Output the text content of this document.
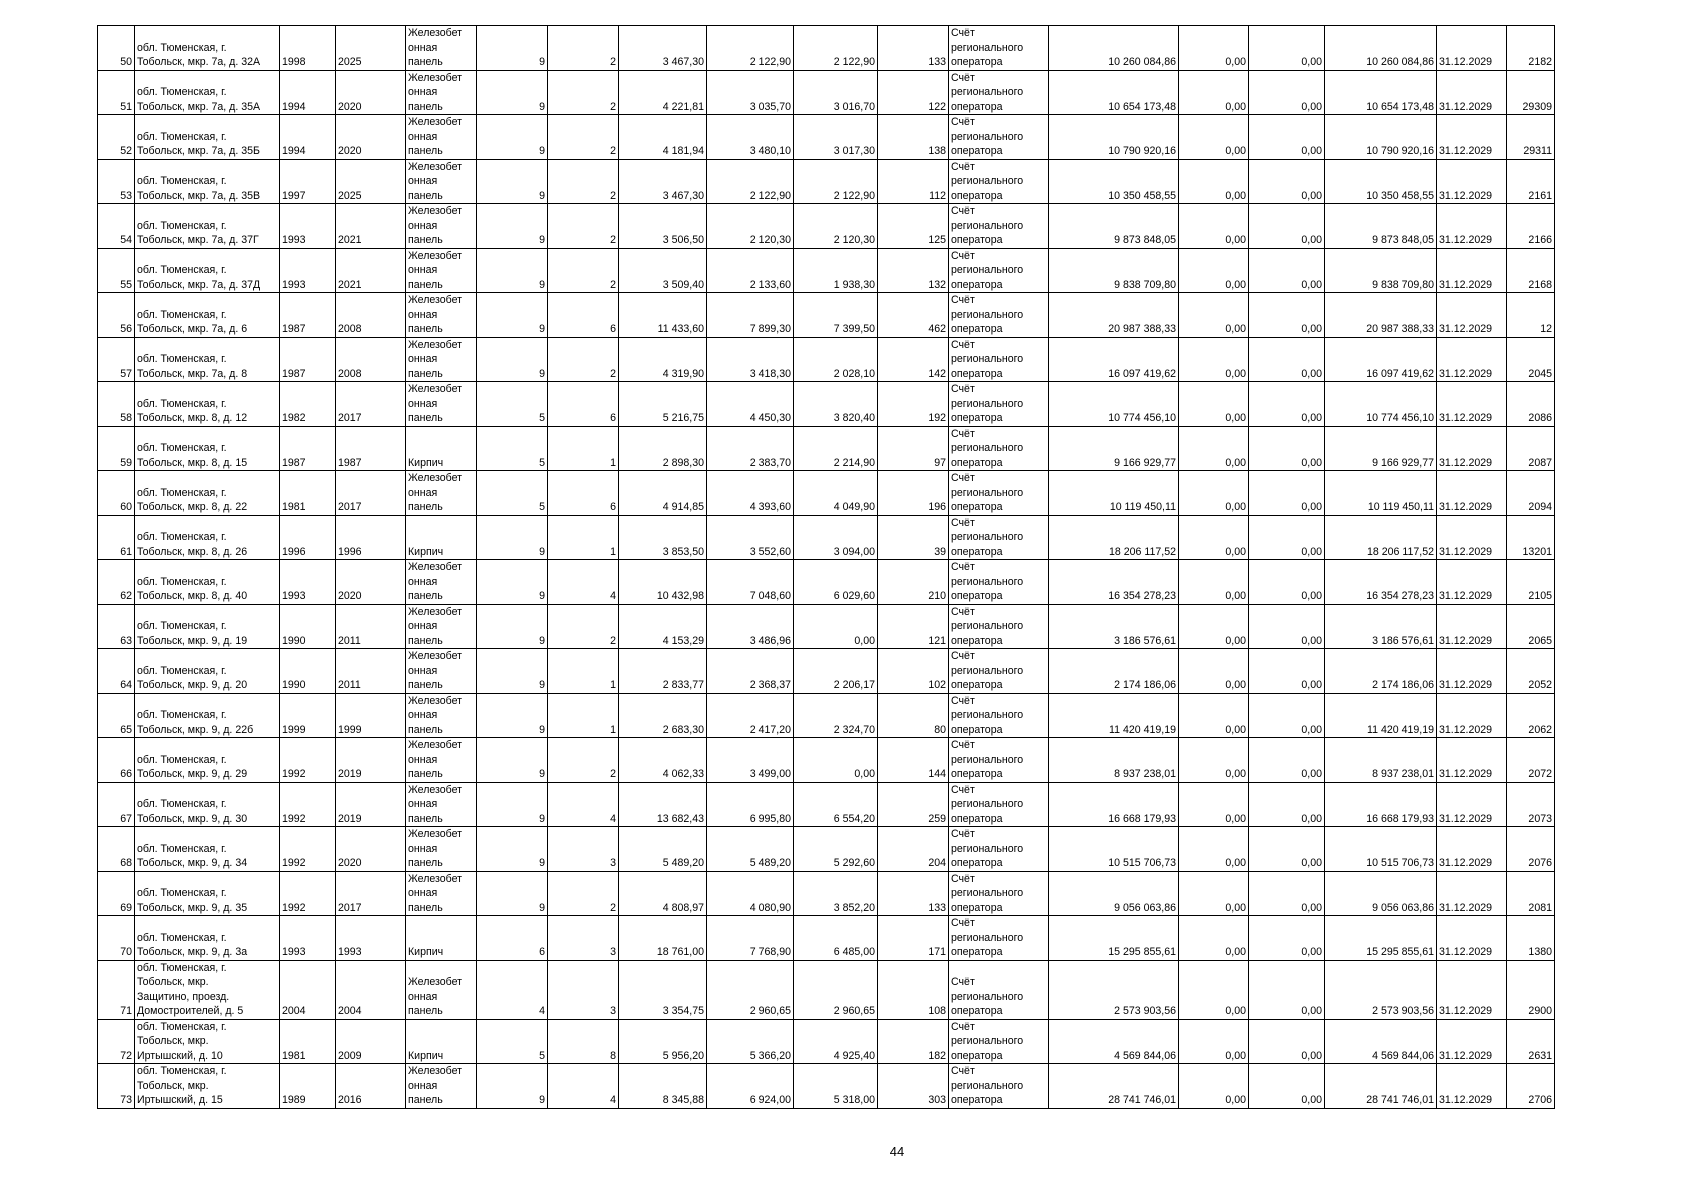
50	обл. Тюменская, г.
Тобольск, мкр. 7а, д. 32А	1998	2025	Железобет
онная
панель	9	2	3 467,30	2 122,90	2 122,90	133	Счёт
регионального
оператора	10 260 084,86	0,00	0,00	10 260 084,86	31.12.2029	2182
51	обл. Тюменская, г.
Тобольск, мкр. 7а, д. 35А	1994	2020	Железобет
онная
панель	9	2	4 221,81	3 035,70	3 016,70	122	Счёт
регионального
оператора	10 654 173,48	0,00	0,00	10 654 173,48	31.12.2029	29309
52	обл. Тюменская, г.
Тобольск, мкр. 7а, д. 35Б	1994	2020	Железобет
онная
панель	9	2	4 181,94	3 480,10	3 017,30	138	Счёт
регионального
оператора	10 790 920,16	0,00	0,00	10 790 920,16	31.12.2029	29311
53	обл. Тюменская, г.
Тобольск, мкр. 7а, д. 35В	1997	2025	Железобет
онная
панель	9	2	3 467,30	2 122,90	2 122,90	112	Счёт
регионального
оператора	10 350 458,55	0,00	0,00	10 350 458,55	31.12.2029	2161
54	обл. Тюменская, г.
Тобольск, мкр. 7а, д. 37Г	1993	2021	Железобет
онная
панель	9	2	3 506,50	2 120,30	2 120,30	125	Счёт
регионального
оператора	9 873 848,05	0,00	0,00	9 873 848,05	31.12.2029	2166
55	обл. Тюменская, г.
Тобольск, мкр. 7а, д. 37Д	1993	2021	Железобет
онная
панель	9	2	3 509,40	2 133,60	1 938,30	132	Счёт
регионального
оператора	9 838 709,80	0,00	0,00	9 838 709,80	31.12.2029	2168
56	обл. Тюменская, г.
Тобольск, мкр. 7а, д. 6	1987	2008	Железобет
онная
панель	9	6	11 433,60	7 899,30	7 399,50	462	Счёт
регионального
оператора	20 987 388,33	0,00	0,00	20 987 388,33	31.12.2029	12
57	обл. Тюменская, г.
Тобольск, мкр. 7а, д. 8	1987	2008	Железобет
онная
панель	9	2	4 319,90	3 418,30	2 028,10	142	Счёт
регионального
оператора	16 097 419,62	0,00	0,00	16 097 419,62	31.12.2029	2045
58	обл. Тюменская, г.
Тобольск, мкр. 8, д. 12	1982	2017	Железобет
онная
панель	5	6	5 216,75	4 450,30	3 820,40	192	Счёт
регионального
оператора	10 774 456,10	0,00	0,00	10 774 456,10	31.12.2029	2086
59	обл. Тюменская, г.
Тобольск, мкр. 8, д. 15	1987	1987	Кирпич	5	1	2 898,30	2 383,70	2 214,90	97	Счёт
регионального
оператора	9 166 929,77	0,00	0,00	9 166 929,77	31.12.2029	2087
60	обл. Тюменская, г.
Тобольск, мкр. 8, д. 22	1981	2017	Железобет
онная
панель	5	6	4 914,85	4 393,60	4 049,90	196	Счёт
регионального
оператора	10 119 450,11	0,00	0,00	10 119 450,11	31.12.2029	2094
61	обл. Тюменская, г.
Тобольск, мкр. 8, д. 26	1996	1996	Кирпич	9	1	3 853,50	3 552,60	3 094,00	39	Счёт
регионального
оператора	18 206 117,52	0,00	0,00	18 206 117,52	31.12.2029	13201
62	обл. Тюменская, г.
Тобольск, мкр. 8, д. 40	1993	2020	Железобет
онная
панель	9	4	10 432,98	7 048,60	6 029,60	210	Счёт
регионального
оператора	16 354 278,23	0,00	0,00	16 354 278,23	31.12.2029	2105
63	обл. Тюменская, г.
Тобольск, мкр. 9, д. 19	1990	2011	Железобет
онная
панель	9	2	4 153,29	3 486,96	0,00	121	Счёт
регионального
оператора	3 186 576,61	0,00	0,00	3 186 576,61	31.12.2029	2065
64	обл. Тюменская, г.
Тобольск, мкр. 9, д. 20	1990	2011	Железобет
онная
панель	9	1	2 833,77	2 368,37	2 206,17	102	Счёт
регионального
оператора	2 174 186,06	0,00	0,00	2 174 186,06	31.12.2029	2052
65	обл. Тюменская, г.
Тобольск, мкр. 9, д. 22б	1999	1999	Железобет
онная
панель	9	1	2 683,30	2 417,20	2 324,70	80	Счёт
регионального
оператора	11 420 419,19	0,00	0,00	11 420 419,19	31.12.2029	2062
66	обл. Тюменская, г.
Тобольск, мкр. 9, д. 29	1992	2019	Железобет
онная
панель	9	2	4 062,33	3 499,00	0,00	144	Счёт
регионального
оператора	8 937 238,01	0,00	0,00	8 937 238,01	31.12.2029	2072
67	обл. Тюменская, г.
Тобольск, мкр. 9, д. 30	1992	2019	Железобет
онная
панель	9	4	13 682,43	6 995,80	6 554,20	259	Счёт
регионального
оператора	16 668 179,93	0,00	0,00	16 668 179,93	31.12.2029	2073
68	обл. Тюменская, г.
Тобольск, мкр. 9, д. 34	1992	2020	Железобет
онная
панель	9	3	5 489,20	5 489,20	5 292,60	204	Счёт
регионального
оператора	10 515 706,73	0,00	0,00	10 515 706,73	31.12.2029	2076
69	обл. Тюменская, г.
Тобольск, мкр. 9, д. 35	1992	2017	Железобет
онная
панель	9	2	4 808,97	4 080,90	3 852,20	133	Счёт
регионального
оператора	9 056 063,86	0,00	0,00	9 056 063,86	31.12.2029	2081
70	обл. Тюменская, г.
Тобольск, мкр. 9, д. 3а	1993	1993	Кирпич	6	3	18 761,00	7 768,90	6 485,00	171	Счёт
регионального
оператора	15 295 855,61	0,00	0,00	15 295 855,61	31.12.2029	1380
71	обл. Тюменская, г.
Тобольск, мкр.
Защитино, проезд.
Домостроителей, д. 5	2004	2004	Железобет
онная
панель	4	3	3 354,75	2 960,65	2 960,65	108	Счёт
регионального
оператора	2 573 903,56	0,00	0,00	2 573 903,56	31.12.2029	2900
72	обл. Тюменская, г.
Тобольск, мкр.
Иртышский, д. 10	1981	2009	Кирпич	5	8	5 956,20	5 366,20	4 925,40	182	Счёт
регионального
оператора	4 569 844,06	0,00	0,00	4 569 844,06	31.12.2029	2631
73	обл. Тюменская, г.
Тобольск, мкр.
Иртышский, д. 15	1989	2016	Железобет
онная
панель	9	4	8 345,88	6 924,00	5 318,00	303	Счёт
регионального
оператора	28 741 746,01	0,00	0,00	28 741 746,01	31.12.2029	2706
44
